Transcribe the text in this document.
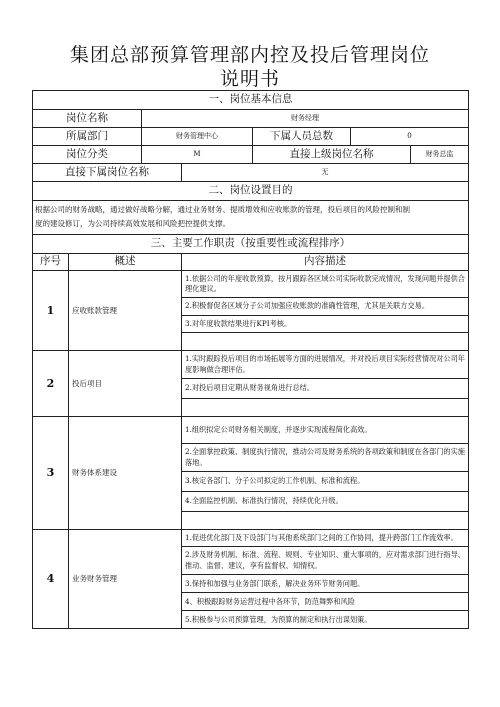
集团总部预算管理部内控及投后管理岗位
说明书
一、岗位基本信息						
岗位名称		财务经理				
所属部门		财务管理中心		下属人员总数	0	
岗位分类		M		直接上级岗位名称		财务总监
直接下属岗位名称			无			
二、岗位设置目的						

根据公司的财务战略，通过做好战略分解，通过业务财务、提质增效和应收账款的管理，投后项目的风险控制和制
度的建设修订，为公司持续高效发展和风险把控提供支撑。						

三、主要工作职责（按重要性或流程排序）						
序号	概述		内容描述			
1	应收账款管理		1.依据公司的年度收款预算，按月跟踪各区域公司实际收款完成情况，发现问题并提供合理化建议。			
			2.积极督促各区域分子公司加强应收账款的准确性管理，尤其是关联方交易。			
			3.对年度收款结果进行KPI考核。			

2	投后项目		1.实时跟踪投后项目的市场拓展等方面的进展情况，并对投后项目实际经营情况对公司年度影响做合理评估。			
			2.对投后项目定期从财务视角进行总结。			

3	财务体系建设		1.组织拟定公司财务相关制度，并逐步实现流程简化高效。			
			2.全面掌控政策、制度执行情况，推动公司及财务系统的各项政策和制度在各部门的实施落地。			
			3.核定各部门、分子公司拟定的工作机制、标准和流程。			
			4.全面监控机制、标准执行情况，持续优化升级。			

4	业务财务管理		1.促进优化部门及下设部门与其他系统部门之间的工作协同，提升跨部门工作流效率。			
			2.涉及财务机制、标准、流程、规则、专业知识、重大事项的，应对需求部门进行指导、推动、监督、建议，享有监督权、知情权。			
			3.保持和加强与业务部门联系，解决业务环节财务问题。			
			4、积极跟踪财务运营过程中各环节，防范舞弊和风险			
			5.积极参与公司预算管理，为预算的制定和执行出谋划策。			
